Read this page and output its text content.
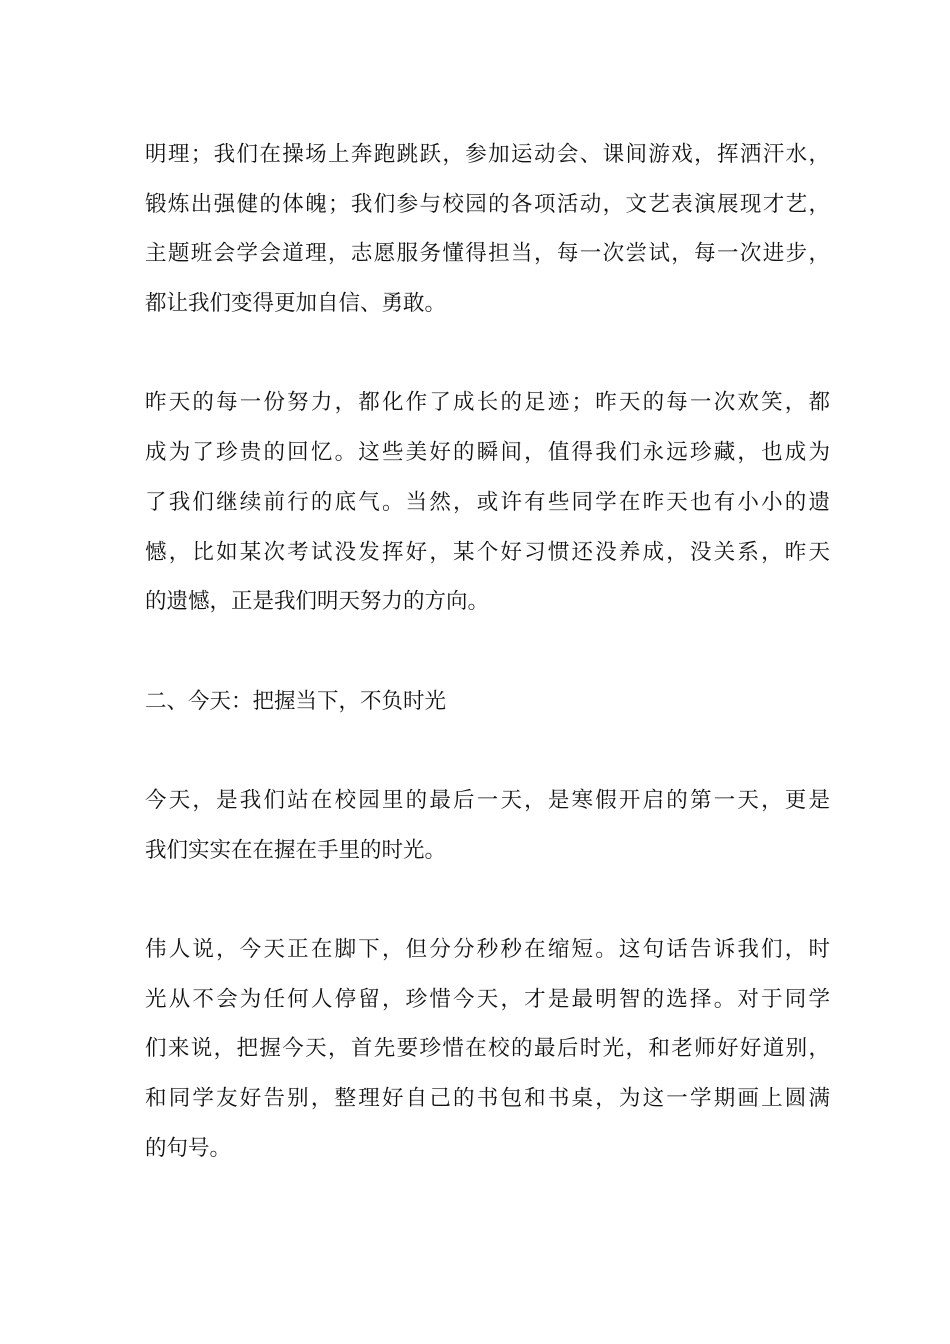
明理；我们在操场上奔跑跳跃，参加运动会、课间游戏，挥洒汗水，
锻炼出强健的体魄；我们参与校园的各项活动，文艺表演展现才艺，
主题班会学会道理，志愿服务懂得担当，每一次尝试，每一次进步，
都让我们变得更加自信、勇敢。
昨天的每一份努力，都化作了成长的足迹；昨天的每一次欢笑，都
成为了珍贵的回忆。这些美好的瞬间，值得我们永远珍藏，也成为
了我们继续前行的底气。当然，或许有些同学在昨天也有小小的遗
憾，比如某次考试没发挥好，某个好习惯还没养成，没关系，昨天
的遗憾，正是我们明天努力的方向。
二、今天：把握当下，不负时光
今天，是我们站在校园里的最后一天，是寒假开启的第一天，更是
我们实实在在握在手里的时光。
伟人说，今天正在脚下，但分分秒秒在缩短。这句话告诉我们，时
光从不会为任何人停留，珍惜今天，才是最明智的选择。对于同学
们来说，把握今天，首先要珍惜在校的最后时光，和老师好好道别，
和同学友好告别，整理好自己的书包和书桌，为这一学期画上圆满
的句号。
